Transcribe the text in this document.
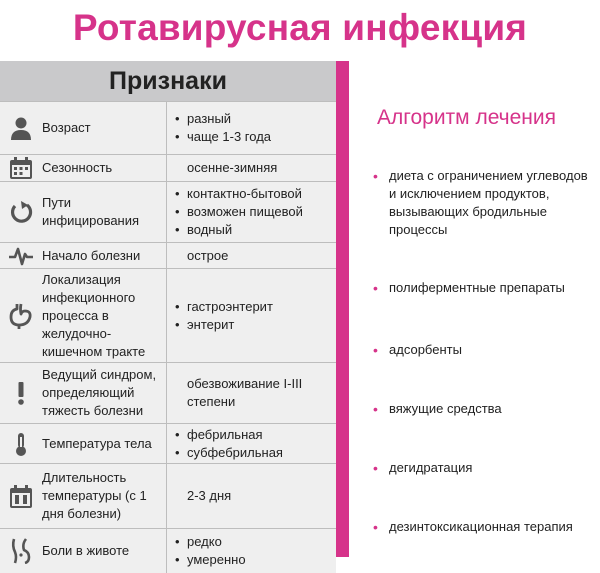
Ротавирусная инфекция
Признаки
Возраст
• разный
• чаще 1-3 года
Сезонность	осенне-зимняя
Пути инфицирования
• контактно-бытовой
• возможен пищевой
• водный
Начало болезни	острое
Локализация инфекционного процесса в желудочно-кишечном тракте
• гастроэнтерит
• энтерит
Ведущий синдром, определяющий тяжесть болезни
обезвоживание I-III степени
Температура тела
• фебрильная
• субфебрильная
Длительность температуры (с 1 дня болезни)
2-3 дня
Боли в животе
• редко
• умеренно
Алгоритм лечения
• диета с ограничением углеводов и исключением продуктов, вызывающих бродильные процессы
• полиферментные препараты
• адсорбенты
• вяжущие средства
• дегидратация
• дезинтоксикационная терапия
